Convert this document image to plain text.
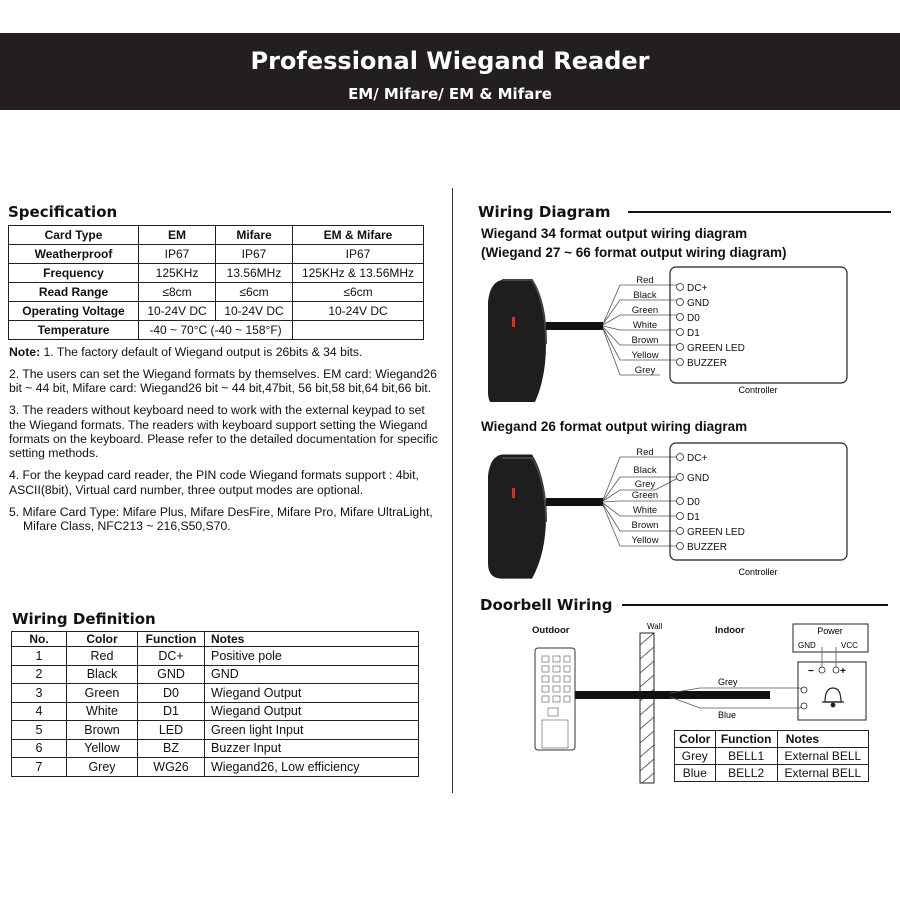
Professional Wiegand Reader
EM/ Mifare/ EM & Mifare
Specification
Card Type	EM	Mifare	EM & Mifare
Weatherproof	IP67	IP67	IP67
Frequency	125KHz	13.56MHz	125KHz & 13.56MHz
Read Range	≤8cm	≤6cm	≤6cm
Operating Voltage	10-24V DC	10-24V DC	10-24V DC
Temperature	-40 ~ 70°C (-40 ~ 158°F)		

Note: 1. The factory default of Wiegand output is 26bits & 34 bits.

2. The users can set the Wiegand formats by themselves. EM card: Wiegand26 bit ~ 44 bit, Mifare card: Wiegand26 bit ~ 44 bit,47bit, 56 bit,58 bit,64 bit,66 bit.

3. The readers without keyboard need to work with the external keypad to set the Wiegand formats. The readers with keyboard support setting the Wiegand formats on the keyboard. Please refer to the detailed documentation for specific setting methods.

4. For the keypad card reader, the PIN code Wiegand formats support : 4bit, ASCII(8bit), Virtual card number, three output modes are optional.

5. Mifare Card Type: Mifare Plus, Mifare DesFire, Mifare Pro, Mifare UltraLight, Mifare Class, NFC213 ~ 216,S50,S70.

Wiring Definition
No.	Color	Function	Notes
1	Red	DC+	Positive pole
2	Black	GND	GND
3	Green	D0	Wiegand Output
4	White	D1	Wiegand Output
5	Brown	LED	Green light Input
6	Yellow	BZ	Buzzer Input
7	Grey	WG26	Wiegand26, Low efficiency
Wiring Diagram
Wiegand 34 format output wiring diagram
(Wiegand 27 ~ 66 format output wiring diagram)
Red
Black
Green
White
Brown
Yellow
Grey
DC+
GND
D0
D1
GREEN LED
BUZZER
Controller
Wiegand 26 format output wiring diagram
Red
Black
Grey
Green
White
Brown
Yellow
DC+
GND
D0
D1
GREEN LED
BUZZER
Controller
Doorbell Wiring
Outdoor	Indoor
Wall
Grey
Blue
Power
GND	VCC
−	+
Color	Function	Notes
Grey	BELL1	External BELL
Blue	BELL2	External BELL
